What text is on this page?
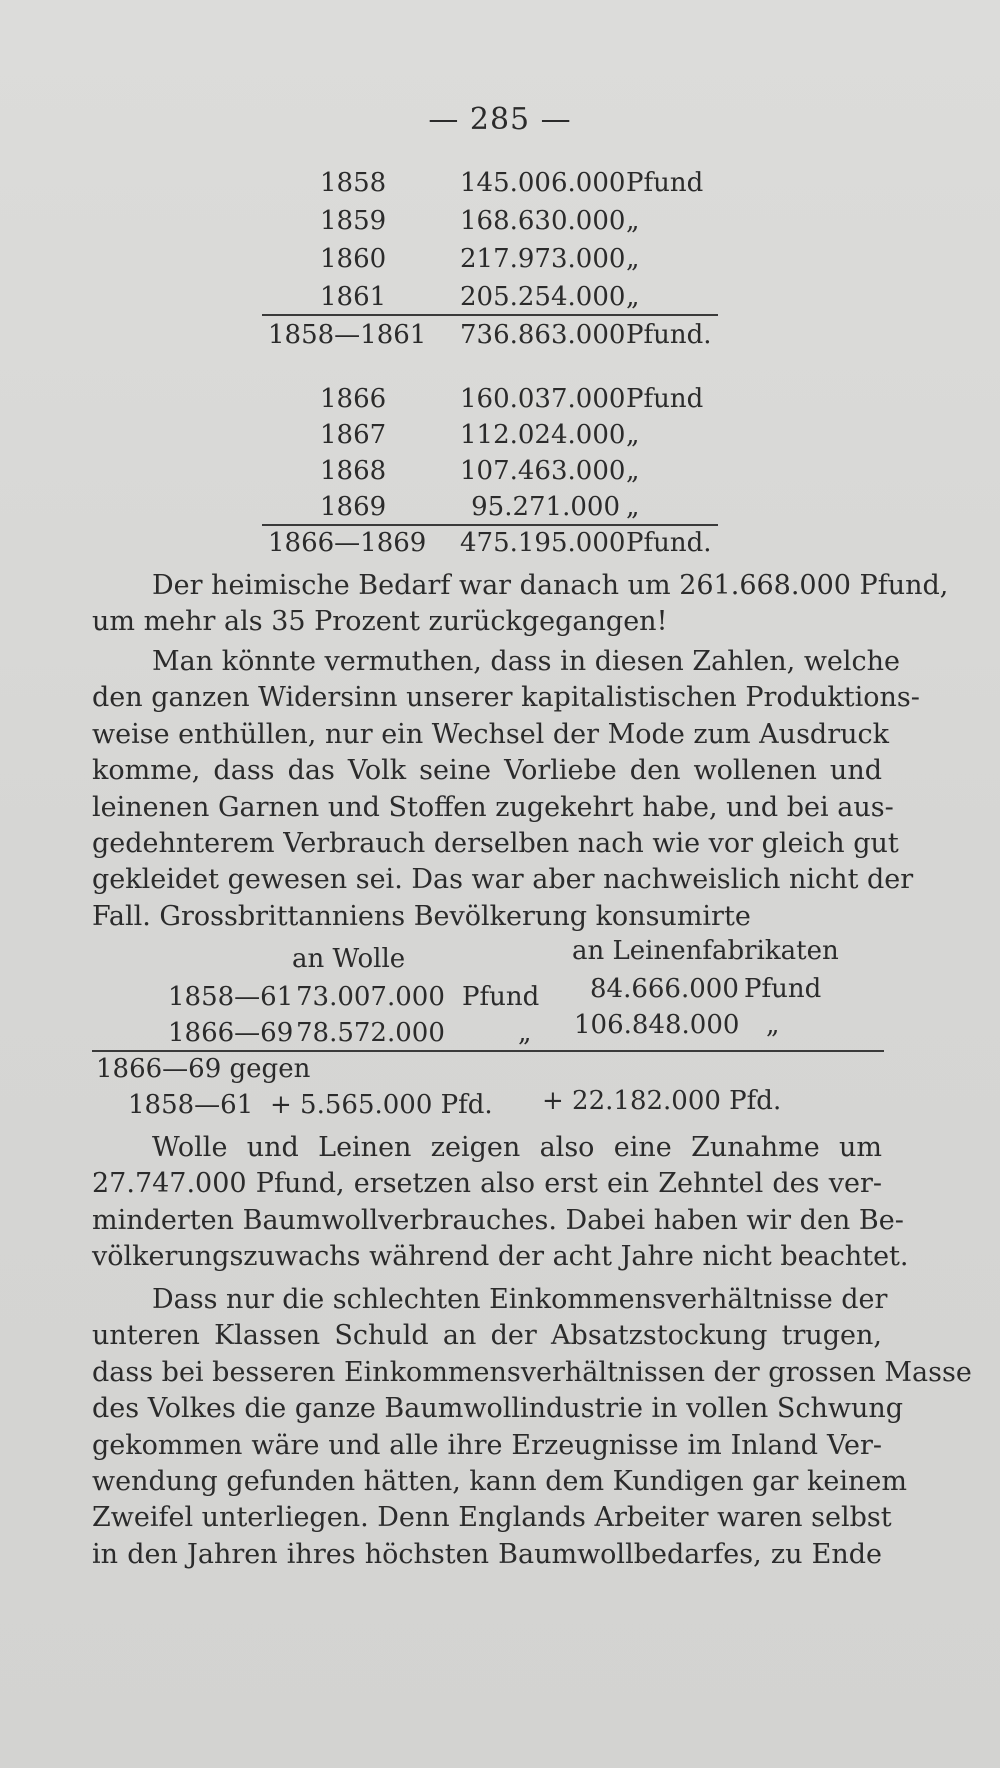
— 285 —
1858	145.006.000 Pfund
1859	168.630.000 „
1860	217.973.000 „
1861	205.254.000 „
1858—1861 736.863.000 Pfund.
1866	160.037.000 Pfund
1867	112.024.000 „
1868	107.463.000 „
1869	95.271.000 „
1866—1869 475.195.000 Pfund.
Der heimische Bedarf war danach um 261.668.000 Pfund,
um mehr als 35 Prozent zurückgegangen!
Man könnte vermuthen, dass in diesen Zahlen, welche
den ganzen Widersinn unserer kapitalistischen Produktions-
weise enthüllen, nur ein Wechsel der Mode zum Ausdruck
komme, dass das Volk seine Vorliebe den wollenen und
leinenen Garnen und Stoffen zugekehrt habe, und bei aus-
gedehnterem Verbrauch derselben nach wie vor gleich gut
gekleidet gewesen sei. Das war aber nachweislich nicht der
Fall. Grossbrittanniens Bevölkerung konsumirte
an Wolle	an Leinenfabrikaten
1858—61 73.007.000 Pfund 84.666.000 Pfund
1866—69 78.572.000	„ 106.848.000 „
1866—69 gegen
1858—61 + 5.565.000 Pfd. + 22.182.000 Pfd.
Wolle und Leinen zeigen also eine Zunahme um
27.747.000 Pfund, ersetzen also erst ein Zehntel des ver-
minderten Baumwollverbrauches. Dabei haben wir den Be-
völkerungszuwachs während der acht Jahre nicht beachtet.
Dass nur die schlechten Einkommensverhältnisse der
unteren Klassen Schuld an der Absatzstockung trugen,
dass bei besseren Einkommensverhältnissen der grossen Masse
des Volkes die ganze Baumwollindustrie in vollen Schwung
gekommen wäre und alle ihre Erzeugnisse im Inland Ver-
wendung gefunden hätten, kann dem Kundigen gar keinem
Zweifel unterliegen. Denn Englands Arbeiter waren selbst
in den Jahren ihres höchsten Baumwollbedarfes, zu Ende
